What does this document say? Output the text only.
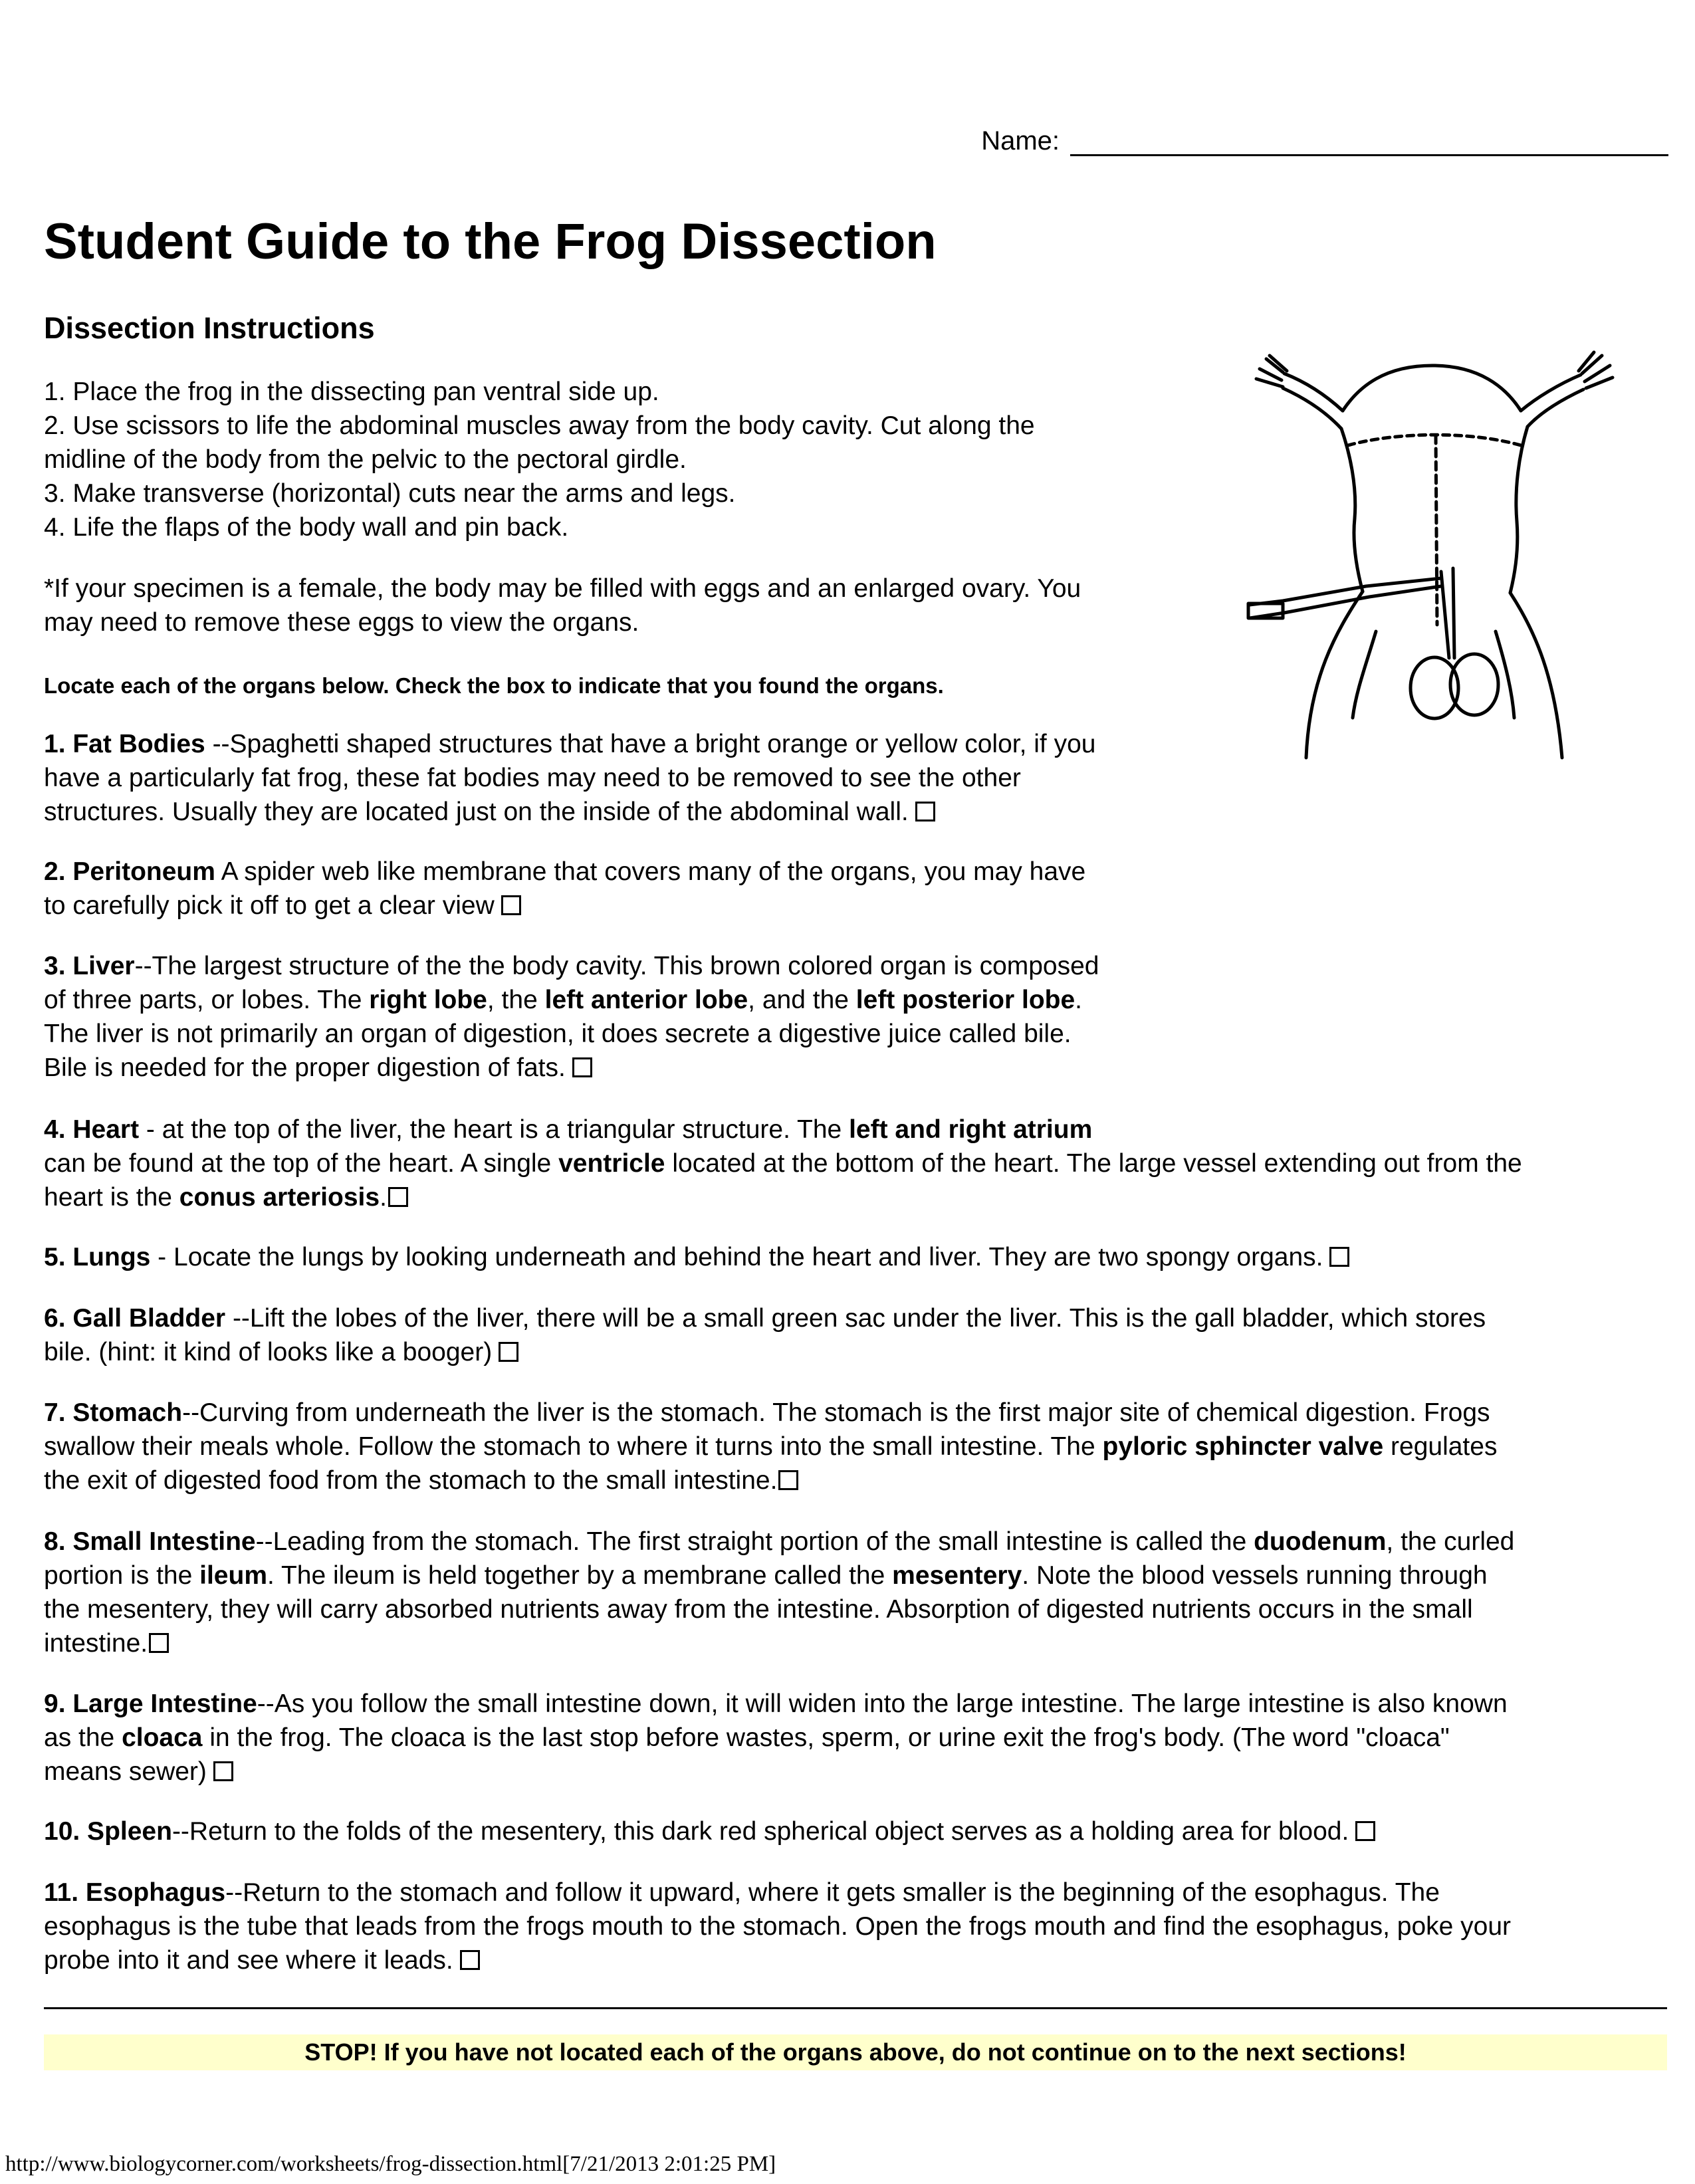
Name:
Student Guide to the Frog Dissection
Dissection Instructions
1. Place the frog in the dissecting pan ventral side up.
2. Use scissors to life the abdominal muscles away from the body cavity. Cut along the
midline of the body from the pelvic to the pectoral girdle.
3. Make transverse (horizontal) cuts near the arms and legs.
4. Life the flaps of the body wall and pin back.
*If your specimen is a female, the body may be filled with eggs and an enlarged ovary. You
may need to remove these eggs to view the organs.
Locate each of the organs below. Check the box to indicate that you found the organs.
1. Fat Bodies --Spaghetti shaped structures that have a bright orange or yellow color, if you
have a particularly fat frog, these fat bodies may need to be removed to see the other
structures. Usually they are located just on the inside of the abdominal wall.
2. Peritoneum A spider web like membrane that covers many of the organs, you may have
to carefully pick it off to get a clear view
3. Liver--The largest structure of the the body cavity. This brown colored organ is composed
of three parts, or lobes. The right lobe, the left anterior lobe, and the left posterior lobe.
The liver is not primarily an organ of digestion, it does secrete a digestive juice called bile.
Bile is needed for the proper digestion of fats.
4. Heart - at the top of the liver, the heart is a triangular structure. The left and right atrium
can be found at the top of the heart. A single ventricle located at the bottom of the heart. The large vessel extending out from the
heart is the conus arteriosis.
5. Lungs - Locate the lungs by looking underneath and behind the heart and liver. They are two spongy organs.
6. Gall Bladder --Lift the lobes of the liver, there will be a small green sac under the liver. This is the gall bladder, which stores
bile. (hint: it kind of looks like a booger)
7. Stomach--Curving from underneath the liver is the stomach. The stomach is the first major site of chemical digestion. Frogs
swallow their meals whole. Follow the stomach to where it turns into the small intestine. The pyloric sphincter valve regulates
the exit of digested food from the stomach to the small intestine.
8. Small Intestine--Leading from the stomach. The first straight portion of the small intestine is called the duodenum, the curled
portion is the ileum. The ileum is held together by a membrane called the mesentery. Note the blood vessels running through
the mesentery, they will carry absorbed nutrients away from the intestine. Absorption of digested nutrients occurs in the small
intestine.
9. Large Intestine--As you follow the small intestine down, it will widen into the large intestine. The large intestine is also known
as the cloaca in the frog. The cloaca is the last stop before wastes, sperm, or urine exit the frog's body. (The word "cloaca"
means sewer)
10. Spleen--Return to the folds of the mesentery, this dark red spherical object serves as a holding area for blood.
11. Esophagus--Return to the stomach and follow it upward, where it gets smaller is the beginning of the esophagus. The
esophagus is the tube that leads from the frogs mouth to the stomach. Open the frogs mouth and find the esophagus, poke your
probe into it and see where it leads.
STOP! If you have not located each of the organs above, do not continue on to the next sections!
http://www.biologycorner.com/worksheets/frog-dissection.html[7/21/2013 2:01:25 PM]
